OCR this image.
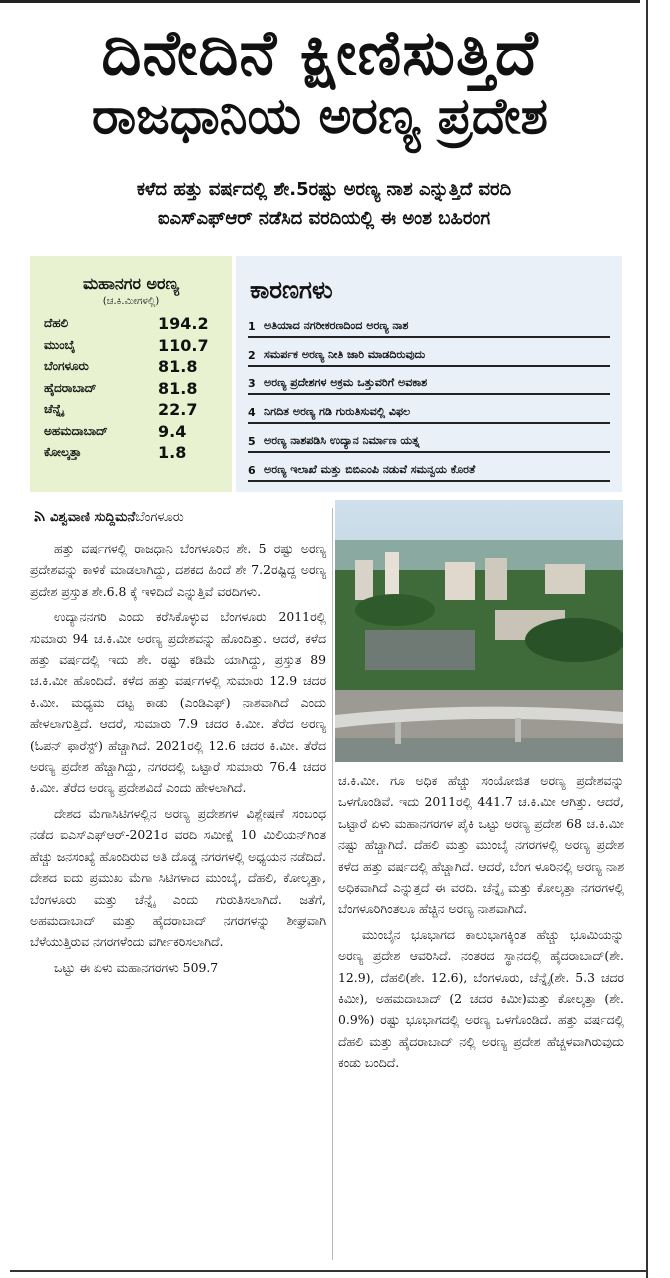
ದಿನೇದಿನೆ ಕ್ಷೀಣಿಸುತ್ತಿದೆ
ರಾಜಧಾನಿಯ ಅರಣ್ಯ ಪ್ರದೇಶ
ಕಳೆದ ಹತ್ತು ವರ್ಷದಲ್ಲಿ ಶೇ.5ರಷ್ಟು ಅರಣ್ಯ ನಾಶ ಎನ್ನುತ್ತಿದೆ ವರದಿ
ಐಎಸ್‌ಎಫ್‌ಆರ್ ನಡೆಸಿದ ವರದಿಯಲ್ಲಿ ಈ ಅಂಶ ಬಹಿರಂಗ
ಮಹಾನಗರ ಅರಣ್ಯ
(ಚ.ಕಿ.ಮೀಗಳಲ್ಲಿ)
ದೆಹಲಿ	194.2
ಮುಂಬೈ	110.7
ಬೆಂಗಳೂರು	81.8
ಹೈದರಾಬಾದ್	81.8
ಚೆನ್ನೈ	22.7
ಅಹಮದಾಬಾದ್	9.4
ಕೋಲ್ಕತ್ತಾ	1.8
ಕಾರಣಗಳು
1 ಅತಿಯಾದ ನಗರೀಕರಣದಿಂದ ಅರಣ್ಯ ನಾಶ
2 ಸಮರ್ಪಕ ಅರಣ್ಯ ನೀತಿ ಜಾರಿ ಮಾಡದಿರುವುದು
3 ಅರಣ್ಯ ಪ್ರದೇಶಗಳ ಅಕ್ರಮ ಒತ್ತುವರಿಗೆ ಅವಕಾಶ
4 ನಿಗದಿತ ಅರಣ್ಯ ಗಡಿ ಗುರುತಿಸುವಲ್ಲಿ ವಿಫಲ
5 ಅರಣ್ಯ ನಾಶಪಡಿಸಿ ಉದ್ಯಾನ ನಿರ್ಮಾಣ ಯತ್ನ
6 ಅರಣ್ಯ ಇಲಾಖೆ ಮತ್ತು ಬಿಬಿಎಂಪಿ ನಡುವೆ ಸಮನ್ವಯ ಕೊರತೆ
ವಿಶ್ವವಾಣಿ ಸುದ್ದಿಮನೆಬೆಂಗಳೂರು

ಹತ್ತು ವರ್ಷಗಳಲ್ಲಿ ರಾಜಧಾನಿ ಬೆಂಗಳೂರಿನ ಶೇ. 5 ರಷ್ಟು ಅರಣ್ಯ ಪ್ರದೇಶವನ್ನು ಕಾಳಿಕೆ ಮಾಡಲಾಗಿದ್ದು, ದಶಕದ ಹಿಂದೆ ಶೇ 7.2ರಷ್ಟಿದ್ದ ಅರಣ್ಯ ಪ್ರದೇಶ ಪ್ರಸ್ತುತ ಶೇ.6.8 ಕ್ಕೆ ಇಳಿದಿದೆ ಎನ್ನುತ್ತಿವೆ ವರದಿಗಳು.

ಉದ್ಯಾನನಗರಿ ಎಂದು ಕರೆಸಿಕೊಳ್ಳುವ ಬೆಂಗಳೂರು 2011ರಲ್ಲಿ ಸುಮಾರು 94 ಚ.ಕಿ.ಮೀ ಅರಣ್ಯ ಪ್ರದೇಶವನ್ನು ಹೊಂದಿತ್ತು. ಆದರೆ, ಕಳೆದ ಹತ್ತು ವರ್ಷದಲ್ಲಿ ಇದು ಶೇ. ರಷ್ಟು ಕಡಿಮೆ ಯಾಗಿದ್ದು, ಪ್ರಸ್ತುತ 89 ಚ.ಕಿ.ಮೀ ಹೊಂದಿದೆ. ಕಳೆದ ಹತ್ತು ವರ್ಷಗಳಲ್ಲಿ ಸುಮಾರು 12.9 ಚದರ ಕಿ.ಮೀ. ಮಧ್ಯಮ ದಟ್ಟ ಕಾಡು (ಎಂಡಿಎಫ್) ನಾಶವಾಗಿದೆ ಎಂದು ಹೇಳಲಾಗುತ್ತಿದೆ. ಆದರೆ, ಸುಮಾರು 7.9 ಚದರ ಕಿ.ಮೀ. ತೆರೆದ ಅರಣ್ಯ (ಓಪನ್ ಫಾರೆಸ್ಟ್) ಹೆಚ್ಚಾಗಿದೆ. 2021ರಲ್ಲಿ 12.6 ಚದರ ಕಿ.ಮೀ. ತೆರೆದ ಅರಣ್ಯ ಪ್ರದೇಶ ಹೆಚ್ಚಾಗಿದ್ದು, ನಗರದಲ್ಲಿ ಒಟ್ಟಾರೆ ಸುಮಾರು 76.4 ಚದರ ಕಿ.ಮೀ. ತೆರೆದ ಅರಣ್ಯ ಪ್ರದೇಶವಿದೆ ಎಂದು ಹೇಳಲಾಗಿದೆ.

ದೇಶದ ಮೆಗಾಸಿಟಿಗಳಲ್ಲಿನ ಅರಣ್ಯ ಪ್ರದೇಶಗಳ ವಿಶ್ಲೇಷಣೆ ಸಂಬಂಧ ನಡೆದ ಐಎಸ್‌ಎಫ್‌ಆರ್-2021ರ ವರದಿ ಸಮೀಕ್ಷೆ 10 ಮಿಲಿಯನ್‌ಗಿಂತ ಹೆಚ್ಚು ಜನಸಂಖ್ಯೆ ಹೊಂದಿರುವ ಅತಿ ದೊಡ್ಡ ನಗರಗಳಲ್ಲಿ ಅಧ್ಯಯನ ನಡೆದಿದೆ. ದೇಶದ ಐದು ಪ್ರಮುಖ ಮೆಗಾ ಸಿಟಿಗಳಾದ ಮುಂಬೈ, ದೆಹಲಿ, ಕೋಲ್ಕತ್ತಾ, ಬೆಂಗಳೂರು ಮತ್ತು ಚೆನ್ನೈ ಎಂದು ಗುರುತಿಸಲಾಗಿದೆ. ಜತೆಗೆ, ಅಹಮದಾಬಾದ್ ಮತ್ತು ಹೈದರಾಬಾದ್ ನಗರಗಳನ್ನು ಶೀಘ್ರವಾಗಿ ಬೆಳೆಯುತ್ತಿರುವ ನಗರಗಳೆಂದು ವರ್ಗೀಕರಿಸಲಾಗಿದೆ.

ಒಟ್ಟು ಈ ಏಳು ಮಹಾನಗರಗಳು 509.7

ಚ.ಕಿ.ಮೀ. ಗೂ ಅಧಿಕ ಹೆಚ್ಚು ಸಂಯೋಜಿತ ಅರಣ್ಯ ಪ್ರದೇಶವನ್ನು ಒಳಗೊಂಡಿವೆ. ಇದು 2011ರಲ್ಲಿ 441.7 ಚ.ಕಿ.ಮೀ ಆಗಿತ್ತು. ಆದರೆ, ಒಟ್ಟಾರೆ ಏಳು ಮಹಾನಗರಗಳ ಪೈಕಿ ಒಟ್ಟು ಅರಣ್ಯ ಪ್ರದೇಶ 68 ಚ.ಕಿ.ಮೀ ನಷ್ಟು ಹೆಚ್ಚಾಗಿದೆ. ದೆಹಲಿ ಮತ್ತು ಮುಂಬೈ ನಗರಗಳಲ್ಲಿ ಅರಣ್ಯ ಪ್ರದೇಶ ಕಳೆದ ಹತ್ತು ವರ್ಷದಲ್ಲಿ ಹೆಚ್ಚಾಗಿದೆ. ಆದರೆ, ಬೆಂಗ ಳೂರಿನಲ್ಲಿ ಅರಣ್ಯ ನಾಶ ಅಧಿಕವಾಗಿದೆ ಎನ್ನುತ್ತದೆ ಈ ವರದಿ. ಚೆನ್ನೈ ಮತ್ತು ಕೋಲ್ಕತ್ತಾ ನಗರಗಳಲ್ಲಿ ಬೆಂಗಳೂರಿಗಿಂತಲೂ ಹೆಚ್ಚಿನ ಅರಣ್ಯ ನಾಶವಾಗಿದೆ.

ಮುಂಬೈನ ಭೂಭಾಗದ ಕಾಲುಭಾಗಕ್ಕಿಂತ ಹೆಚ್ಚು ಭೂಮಿಯನ್ನು ಅರಣ್ಯ ಪ್ರದೇಶ ಆವರಿಸಿದೆ. ನಂತರದ ಸ್ಥಾನದಲ್ಲಿ ಹೈದರಾಬಾದ್(ಶೇ. 12.9), ದೆಹಲಿ(ಶೇ. 12.6), ಬೆಂಗಳೂರು, ಚೆನ್ನೈ(ಶೇ. 5.3 ಚದರ ಕಿಮೀ), ಅಹಮದಾಬಾದ್ (2 ಚದರ ಕಿಮೀ)ಮತ್ತು ಕೋಲ್ಕತ್ತಾ (ಶೇ. 0.9%) ರಷ್ಟು ಭೂಭಾಗದಲ್ಲಿ ಅರಣ್ಯ ಒಳಗೊಂಡಿದೆ. ಹತ್ತು ವರ್ಷದಲ್ಲಿ ದೆಹಲಿ ಮತ್ತು ಹೈದರಾಬಾದ್ ನಲ್ಲಿ ಅರಣ್ಯ ಪ್ರದೇಶ ಹೆಚ್ಚಳವಾಗಿರುವುದು ಕಂಡು ಬಂದಿದೆ.
